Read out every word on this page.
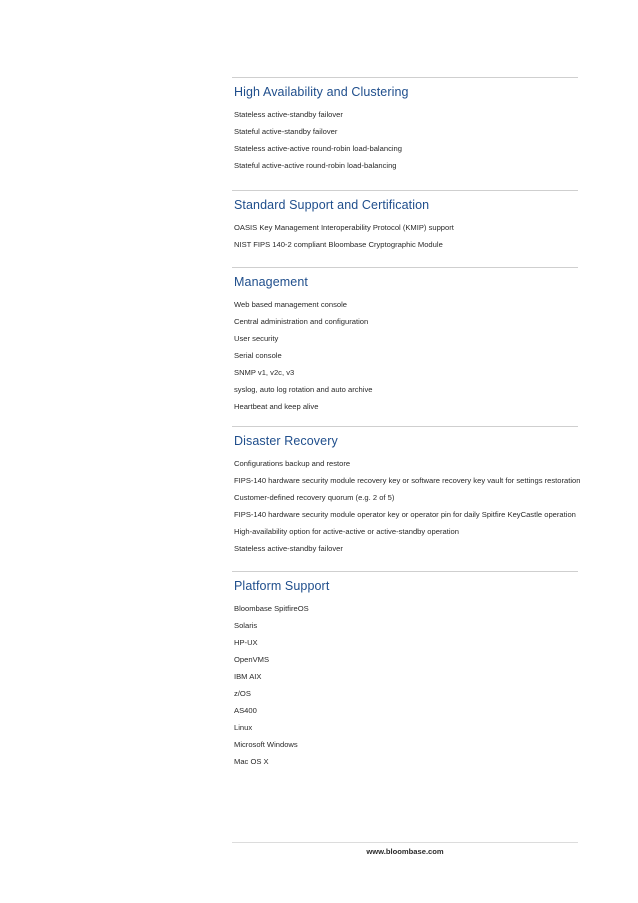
High Availability and Clustering
Stateless active-standby failover
Stateful active-standby failover
Stateless active-active round-robin load-balancing
Stateful active-active round-robin load-balancing
Standard Support and Certification
OASIS Key Management Interoperability Protocol (KMIP) support
NIST FIPS 140-2 compliant Bloombase Cryptographic Module
Management
Web based management console
Central administration and configuration
User security
Serial console
SNMP v1, v2c, v3
syslog, auto log rotation and auto archive
Heartbeat and keep alive
Disaster Recovery
Configurations backup and restore
FIPS-140 hardware security module recovery key or software recovery key vault for settings restoration
Customer-defined recovery quorum (e.g. 2 of 5)
FIPS-140 hardware security module operator key or operator pin for daily Spitfire KeyCastle operation
High-availability option for active-active or active-standby operation
Stateless active-standby failover
Platform Support
Bloombase SpitfireOS
Solaris
HP-UX
OpenVMS
IBM AIX
z/OS
AS400
Linux
Microsoft Windows
Mac OS X
www.bloombase.com
